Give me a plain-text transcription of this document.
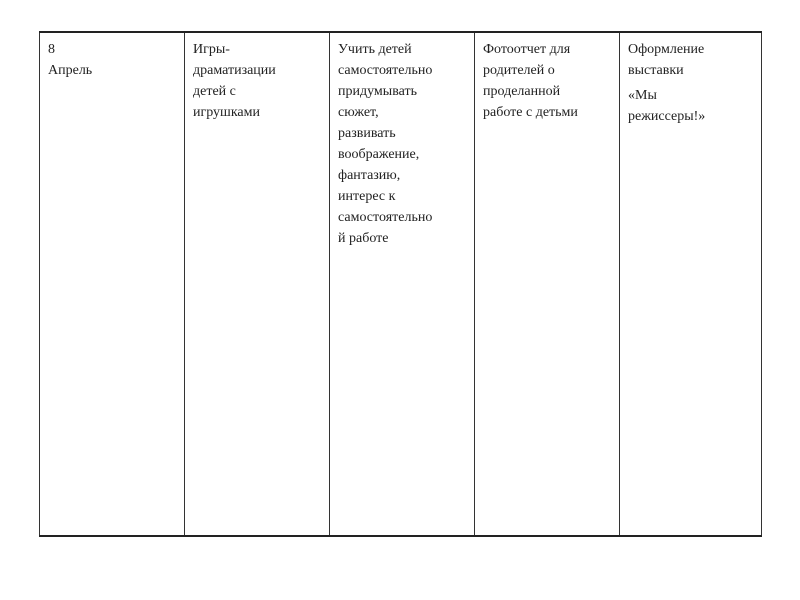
8
Апрель

Игры-
драматизации
детей с
игрушками

Учить детей
самостоятельно
придумывать
сюжет,
развивать
воображение,
фантазию,
интерес к
самостоятельно
й работе

Фотоотчет для
родителей о
проделанной
работе с детьми

Оформление
выставки
«Мы
режиссеры!»
